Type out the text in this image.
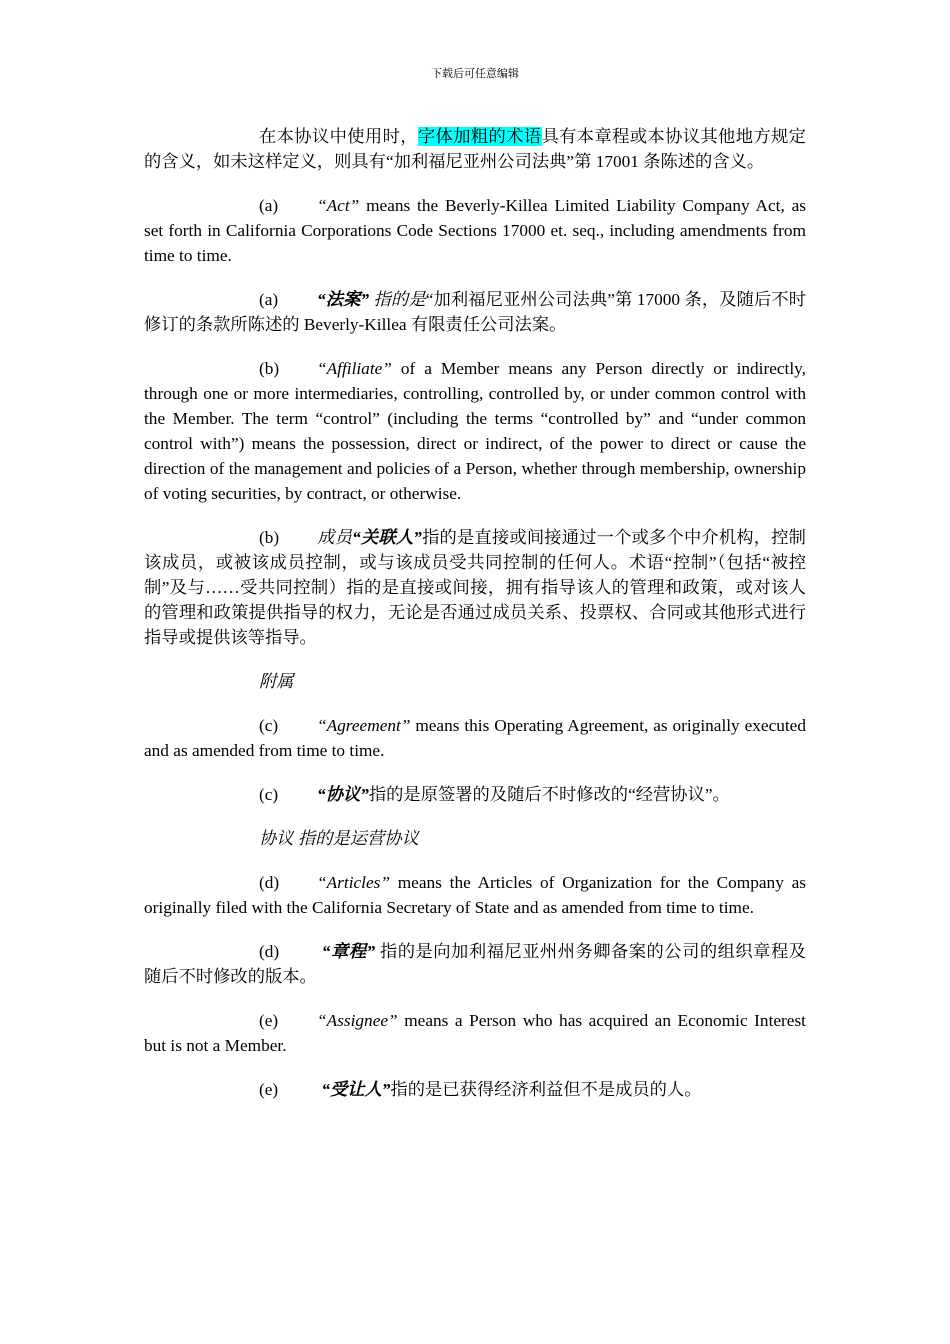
下载后可任意编辑

在本协议中使用时，字体加粗的术语具有本章程或本协议其他地方规定的含义，如未这样定义，则具有“加利福尼亚州公司法典”第 17001 条陈述的含义。

(a) “Act” means the Beverly-Killea Limited Liability Company Act, as set forth in California Corporations Code Sections 17000 et. seq., including amendments from time to time.

(a) “法案” 指的是“加利福尼亚州公司法典”第 17000 条，及随后不时修订的条款所陈述的 Beverly-Killea 有限责任公司法案。

(b) “Affiliate” of a Member means any Person directly or indirectly, through one or more intermediaries, controlling, controlled by, or under common control with the Member. The term “control” (including the terms “controlled by” and “under common control with”) means the possession, direct or indirect, of the power to direct or cause the direction of the management and policies of a Person, whether through membership, ownership of voting securities, by contract, or otherwise.

(b) 成员“关联人”指的是直接或间接通过一个或多个中介机构，控制该成员，或被该成员控制，或与该成员受共同控制的任何人。术语“控制”（包括“被控制”及与……受共同控制）指的是直接或间接，拥有指导该人的管理和政策，或对该人的管理和政策提供指导的权力，无论是否通过成员关系、投票权、合同或其他形式进行指导或提供该等指导。

附属

(c) “Agreement” means this Operating Agreement, as originally executed and as amended from time to time.

(c) “协议”指的是原签署的及随后不时修改的“经营协议”。

协议 指的是运营协议

(d) “Articles” means the Articles of Organization for the Company as originally filed with the California Secretary of State and as amended from time to time.

(d) “章程” 指的是向加利福尼亚州州务卿备案的公司的组织章程及随后不时修改的版本。

(e) “Assignee” means a Person who has acquired an Economic Interest but is not a Member.

(e) “受让人”指的是已获得经济利益但不是成员的人。
